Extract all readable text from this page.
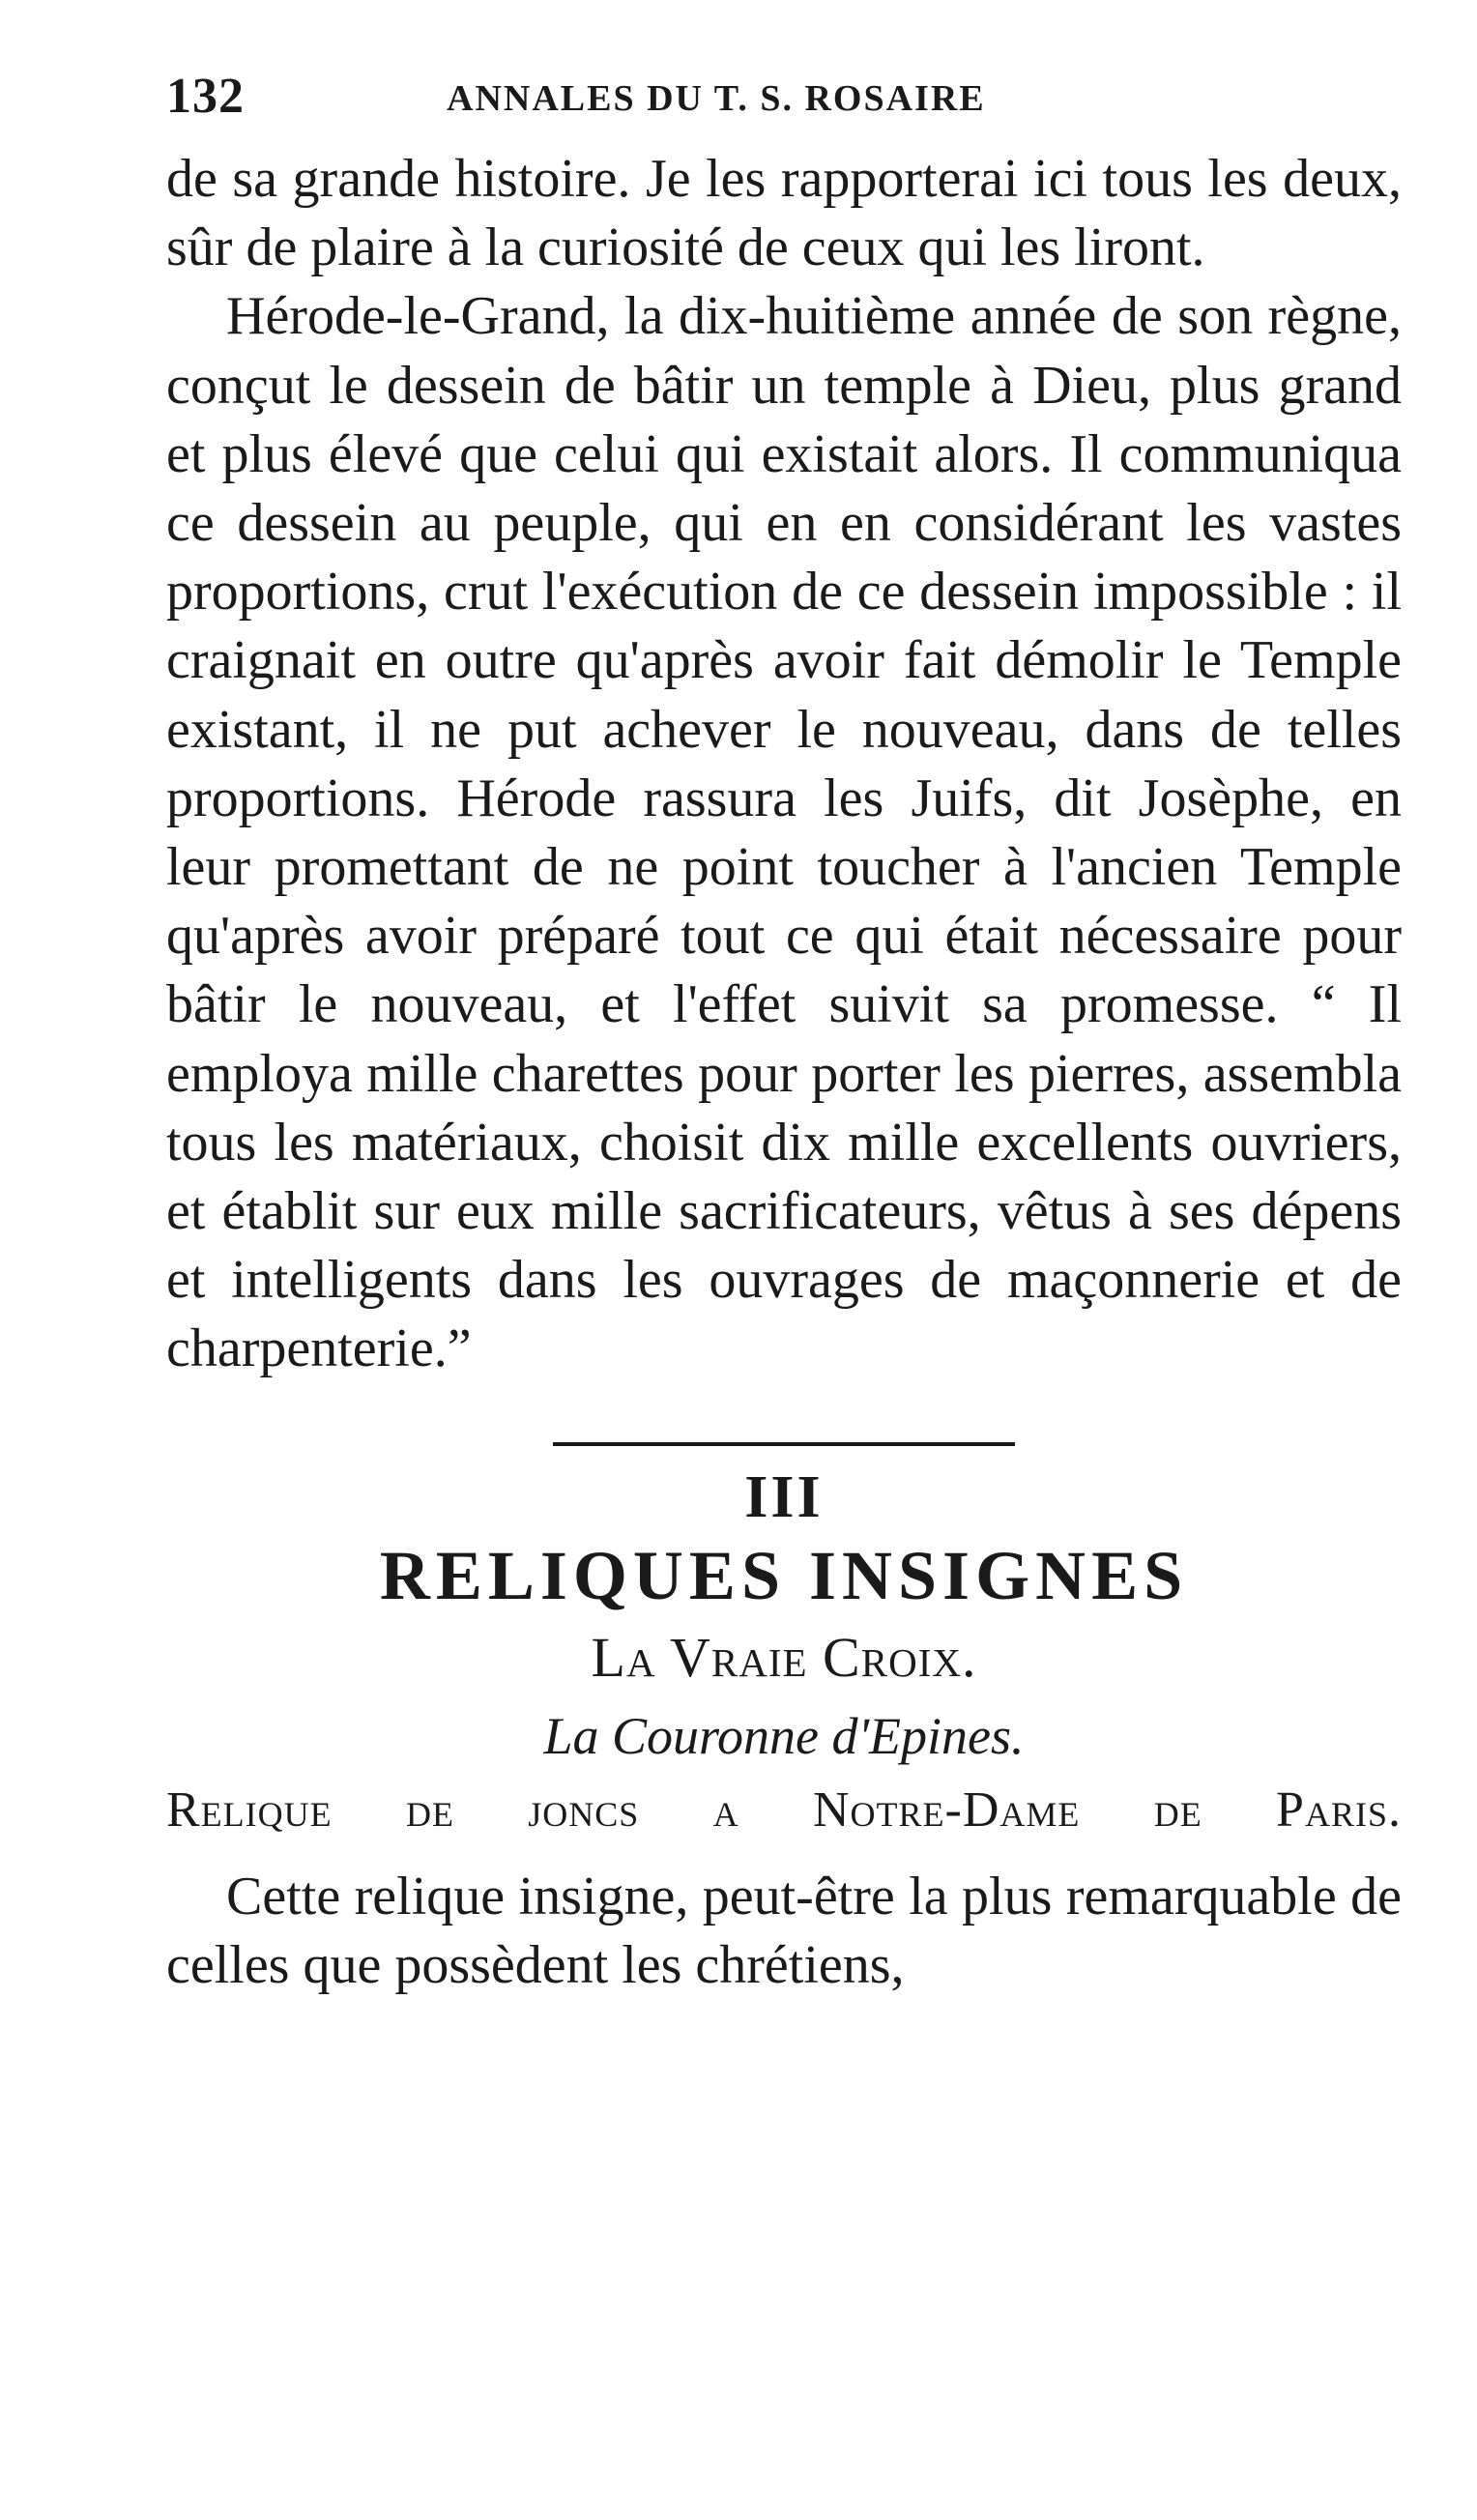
132	ANNALES DU T. S. ROSAIRE

de sa grande histoire. Je les rapporterai ici tous les deux, sûr de plaire à la curiosité de ceux qui les liront.

Hérode-le-Grand, la dix-huitième année de son règne, conçut le dessein de bâtir un temple à Dieu, plus grand et plus élevé que celui qui existait alors. Il communiqua ce dessein au peuple, qui en en considérant les vastes proportions, crut l'exécution de ce dessein impossible : il craignait en outre qu'après avoir fait démolir le Temple existant, il ne put achever le nouveau, dans de telles proportions. Hérode rassura les Juifs, dit Josèphe, en leur promettant de ne point toucher à l'ancien Temple qu'après avoir préparé tout ce qui était nécessaire pour bâtir le nouveau, et l'effet suivit sa promesse. “ Il employa mille charettes pour porter les pierres, assembla tous les matériaux, choisit dix mille excellents ouvriers, et établit sur eux mille sacrificateurs, vêtus à ses dépens et intelligents dans les ouvrages de maçonnerie et de charpenterie.”

III
RELIQUES INSIGNES
La Vraie Croix.
La Couronne d'Epines.
Relique de joncs a Notre-Dame de Paris.

Cette relique insigne, peut-être la plus remarquable de celles que possèdent les chrétiens,
